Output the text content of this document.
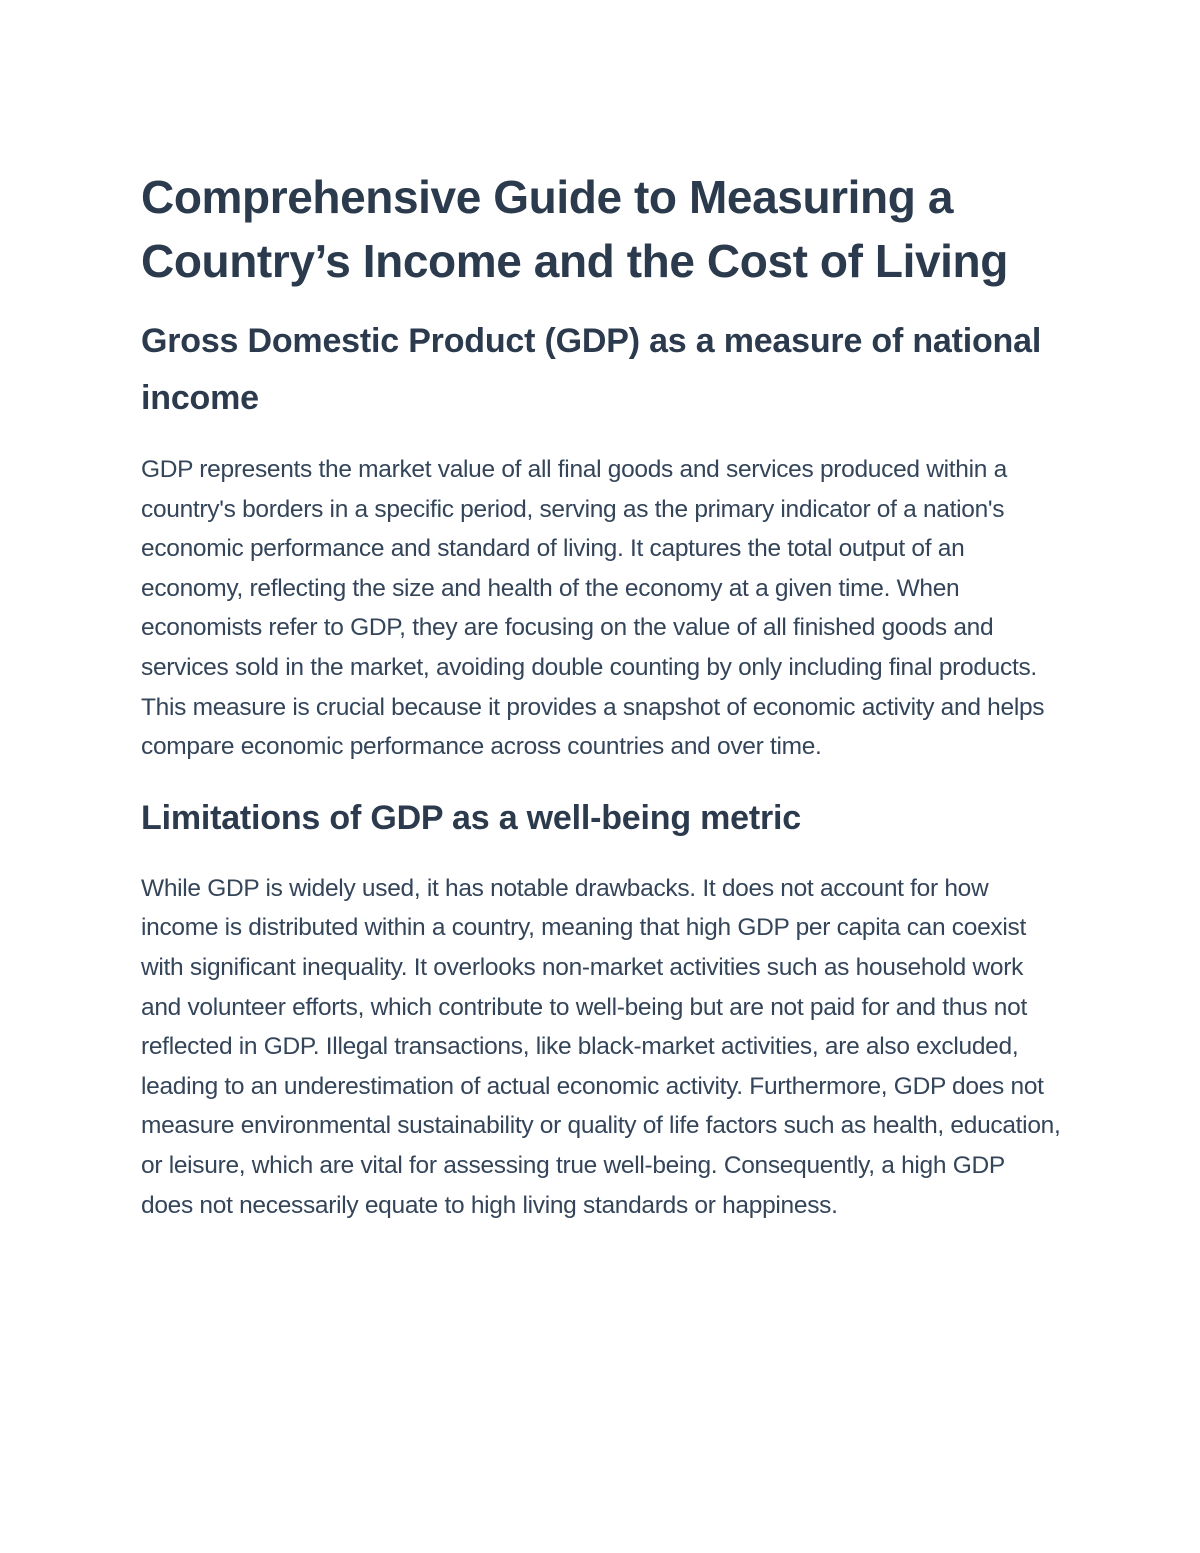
Comprehensive Guide to Measuring a Country’s Income and the Cost of Living
Gross Domestic Product (GDP) as a measure of national income

GDP represents the market value of all final goods and services produced within a country's borders in a specific period, serving as the primary indicator of a nation's economic performance and standard of living. It captures the total output of an economy, reflecting the size and health of the economy at a given time. When economists refer to GDP, they are focusing on the value of all finished goods and services sold in the market, avoiding double counting by only including final products. This measure is crucial because it provides a snapshot of economic activity and helps compare economic performance across countries and over time.

Limitations of GDP as a well-being metric

While GDP is widely used, it has notable drawbacks. It does not account for how income is distributed within a country, meaning that high GDP per capita can coexist with significant inequality. It overlooks non-market activities such as household work and volunteer efforts, which contribute to well-being but are not paid for and thus not reflected in GDP. Illegal transactions, like black-market activities, are also excluded, leading to an underestimation of actual economic activity. Furthermore, GDP does not measure environmental sustainability or quality of life factors such as health, education, or leisure, which are vital for assessing true well-being. Consequently, a high GDP does not necessarily equate to high living standards or happiness.
